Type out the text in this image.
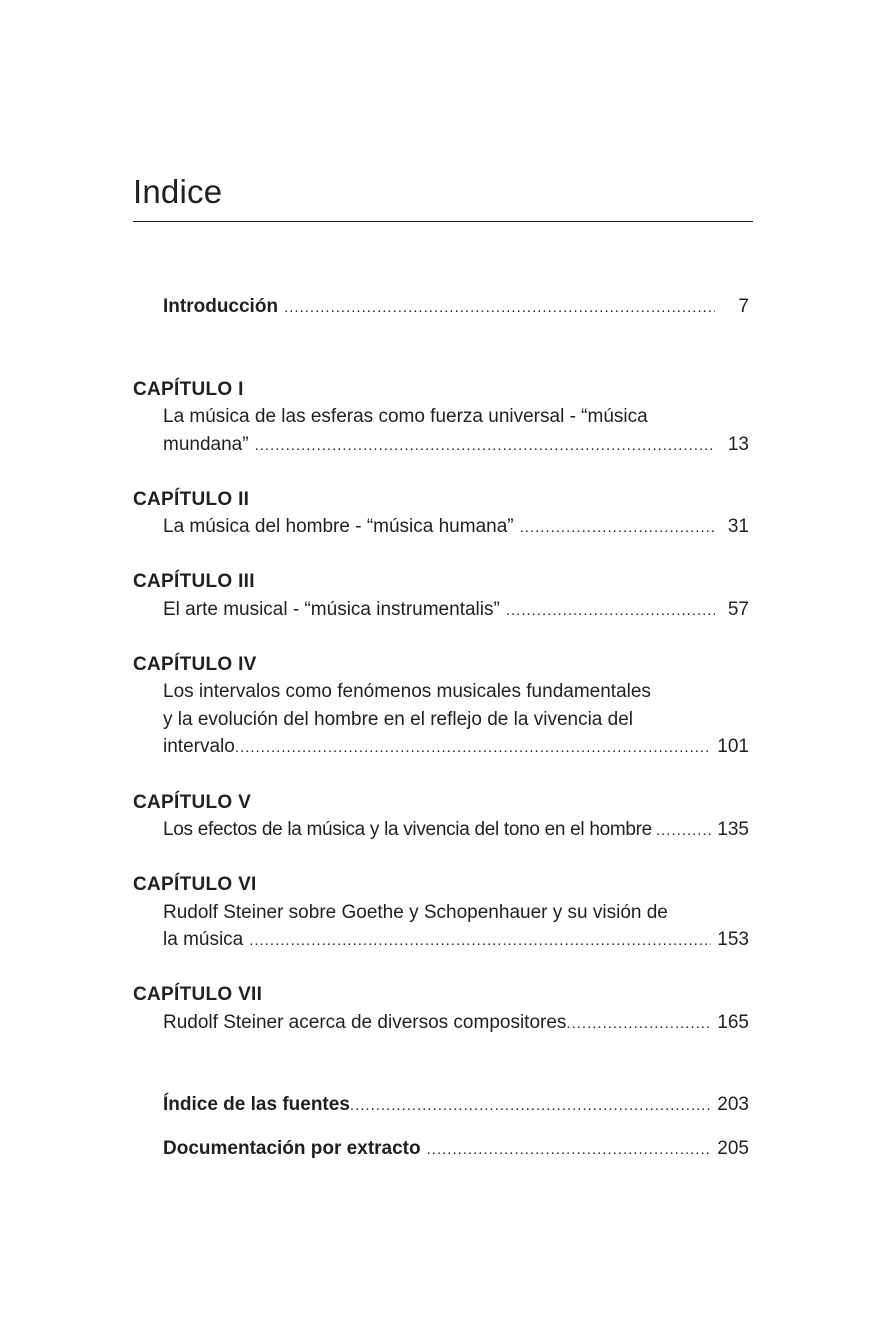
Indice
Introducción .....	7
CAPÍTULO I
La música de las esferas como fuerza universal - “música
mundana” .....	13
CAPÍTULO II
La música del hombre - “música humana” .....	31
CAPÍTULO III
El arte musical - “música instrumentalis” .....	57
CAPÍTULO IV
Los intervalos como fenómenos musicales fundamentales
y la evolución del hombre en el reflejo de la vivencia del
intervalo .....	101
CAPÍTULO V
Los efectos de la música y la vivencia del tono en el hombre .....	135
CAPÍTULO VI
Rudolf Steiner sobre Goethe y Schopenhauer y su visión de
la música .....	153
CAPÍTULO VII
Rudolf Steiner acerca de diversos compositores .....	165
Índice de las fuentes .....	203
Documentación por extracto .....	205
